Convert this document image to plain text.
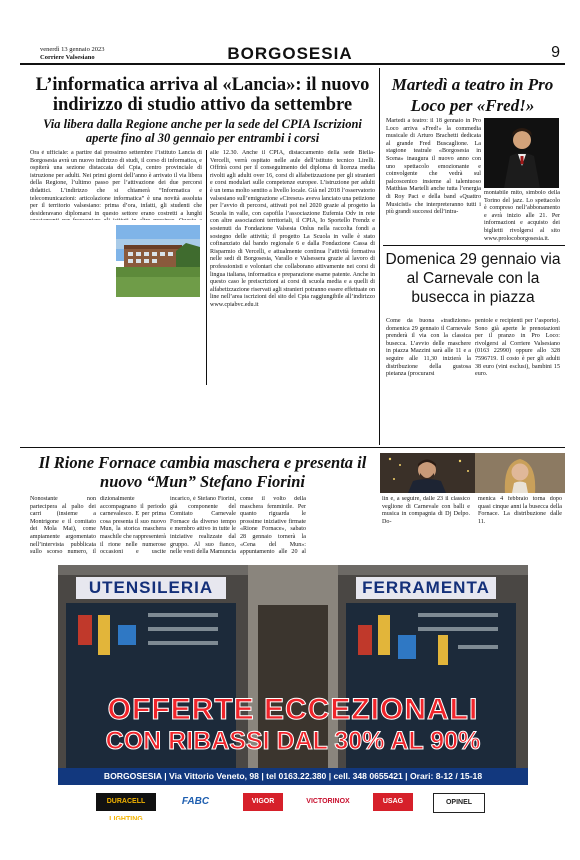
venerdì 13 gennaio 2023
Corriere Valsesiano	BORGOSESIA	9
L’informatica arriva al «Lancia»: il nuovo indirizzo di studio attivo da settembre
Via libera dalla Regione anche per la sede del CPIA Iscrizioni aperte fino al 30 gennaio per entrambi i corsi
Ora è ufficiale: a partire dal prossimo settembre l’istituto Lancia di Borgosesia avrà un nuovo indirizzo di studi, il corso di informatica, e ospiterà una sezione distaccata del Cpia, centro provinciale di istruzione per adulti. Nei primi giorni dell’anno è arrivato il via libera della Regione, l’ultimo passo per l’attivazione dei due percorsi didattici. L’indirizzo che si chiamerà “Informatica e telecomunicazioni: articolazione informatica” è una novità assoluta per il territorio valsesiano: prima d’ora, infatti, gli studenti che desideravano diplomarsi in questo settore erano costretti a lunghi
alle 12.30. Anche il CPIA, distaccamento della sede Biella-Vercelli, verrà ospitato nelle aule dell’istituto tecnico Lirelli. Offrirà corsi per il conseguimento del diploma di licenza media rivolti agli adulti over 16, corsi di alfabetizzazione per gli stranieri e corsi modulari sulle competenze europee. L’istruzione per adulti è un tema molto sentito a livello locale. Già nel 2018 l’osservatorio valsesiano sull’emigrazione «Cireseu» aveva lanciato una petizione per l’avvio di percorsi, attivati poi nel 2020 grazie al progetto la Scuola in valle, con capofila l’associazione Eufemia Odv in rete con altre associazioni territoriali, il CPIA, Io Sportello Frendz e sostenuti da Fondazione Valsesia Onlus nella raccolta fondi a sostegno delle attività; il progetto La Scuola in valle è stato cofinanziato dal bando regionale 6 e dalla Fondazione Cassa di Risparmio di Vercelli, e attualmente continua l’attività formativa nelle sedi di Borgosesia, Varallo e Valsessera grazie al lavoro di professionisti e volontari che collaborano attivamente nei corsi di lingua italiana, informatica e preparazione esame patente. Anche in questo caso le preiscrizioni ai corsi di scuola media e a quelli di alfabetizzazione riservati agli stranieri potranno essere effettuate on line nell’area iscrizioni del sito del Cpia raggiungibile all’indirizzo www.cpiabvc.edu.it
Martedì a teatro in Pro Loco per «Fred!»
Martedì a teatro: il 18 gennaio in Pro Loco arriva «Fred!» la commedia musicale di Arturo Brachetti dedicata al grande Fred Buscaglione. La stagione teatrale «Borgosesia in Scena» inaugura il nuovo anno con uno spettacolo emozionante e coinvolgente che vedrà sul palcoscenico insieme al talentuoso Matthias Martelli anche tutta l’energia di Roy Paci e della band «Quattro Musicisti» che interpreteranno tutti i più grandi successi dell’intra-
montabile mito, simbolo della Torino del jazz. Lo spettacolo è compreso nell’abbonamento e avrà inizio alle 21. Per informazioni e acquisto dei biglietti rivolgersi al sito www.prolocoborgosesia.it.
Domenica 29 gennaio via al Carnevale con la busecca in piazza
Come da buona «tradizione» domenica 29 gennaio il Carnevale prenderà il via con la classica busecca. L’avvio delle maschere in piazza Mazzini sarà alle 11 e a seguire alle 11,30 inizierà la distribuzione della gustosa pietanza (procurarsi
pentole e recipienti per l’asporto). Sono già aperte le prenotazioni per il pranzo in Pro Loco: rivolgersi al Corriere Valsesiano (0163 22990) oppure allo 328 7596719. Il costo è per gli adulti 38 euro (vini esclusi), bambini 15 euro.
Il Rione Fornace cambia maschera e presenta il nuovo “Mun” Stefano Fiorini
Nonostante non partecipera al palio dei carri (insieme a Montrigone e il comitato dei Mola Mai), come ampiamente argomentato nell’intervista pubblicata sullo scorso numero, il
dizionalmente accompagnano il periodo carnevalesco. E per prima cosa presenta il suo nuovo Mun, la storica maschera maschile che rappresenterà il rione nelle numerose occasioni e uscite
incarico, è Stefano Fiorini, già componente del Comitato Carnevale Fornace da diverso tempo e membro attivo in tutte le iniziative realizzate dal gruppo. Al suo fianco, nelle vesti della Mamuncia
come il volto della maschera femminile. Per quanto riguarda le prossime iniziative firmate «Rione Fornace», sabato 28 gennaio tornerà la «Cena del Mun»: appuntamento alle 20 al
lin e, a seguire, dalle 23 il classico veglione di Carnevale con balli e musica in compagnia di Dj Delpo. Do-
menica 4 febbraio torna dopo quasi cinque anni la busecca della Fornace. La distribuzione dalle 11.
UTENSILERIA	FERRAMENTA
OFFERTE ECCEZIONALI
CON RIBASSI DAL 30% AL 90%
BORGOSESIA | Via Vittorio Veneto, 98 | tel 0163.22.380 | cell. 348 0655421 | Orari: 8-12 / 15-18
DURACELL LIGHTING
FABC	VIGOR	VICTORINOX	USAG	OPINEL
